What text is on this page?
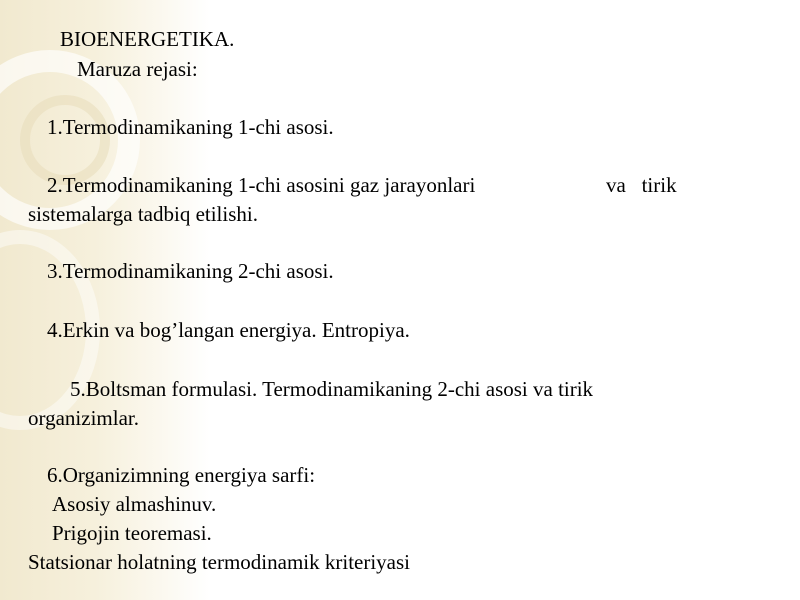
BIOENERGETIKA.
Maruza rejasi:
1.Termodinamikaning 1-chi asosi.
2.Termodinamikaning 1-chi asosini gaz jarayonlari	va   tirik
sistemalarga tadbiq etilishi.
3.Termodinamikaning 2-chi asosi.
4.Erkin va bog’langan energiya. Entropiya.
5.Boltsman formulasi. Termodinamikaning 2-chi asosi va tirik
organizimlar.
6.Organizimning energiya sarfi:
Asosiy almashinuv.
Prigojin teoremasi.
Statsionar holatning termodinamik kriteriyasi
